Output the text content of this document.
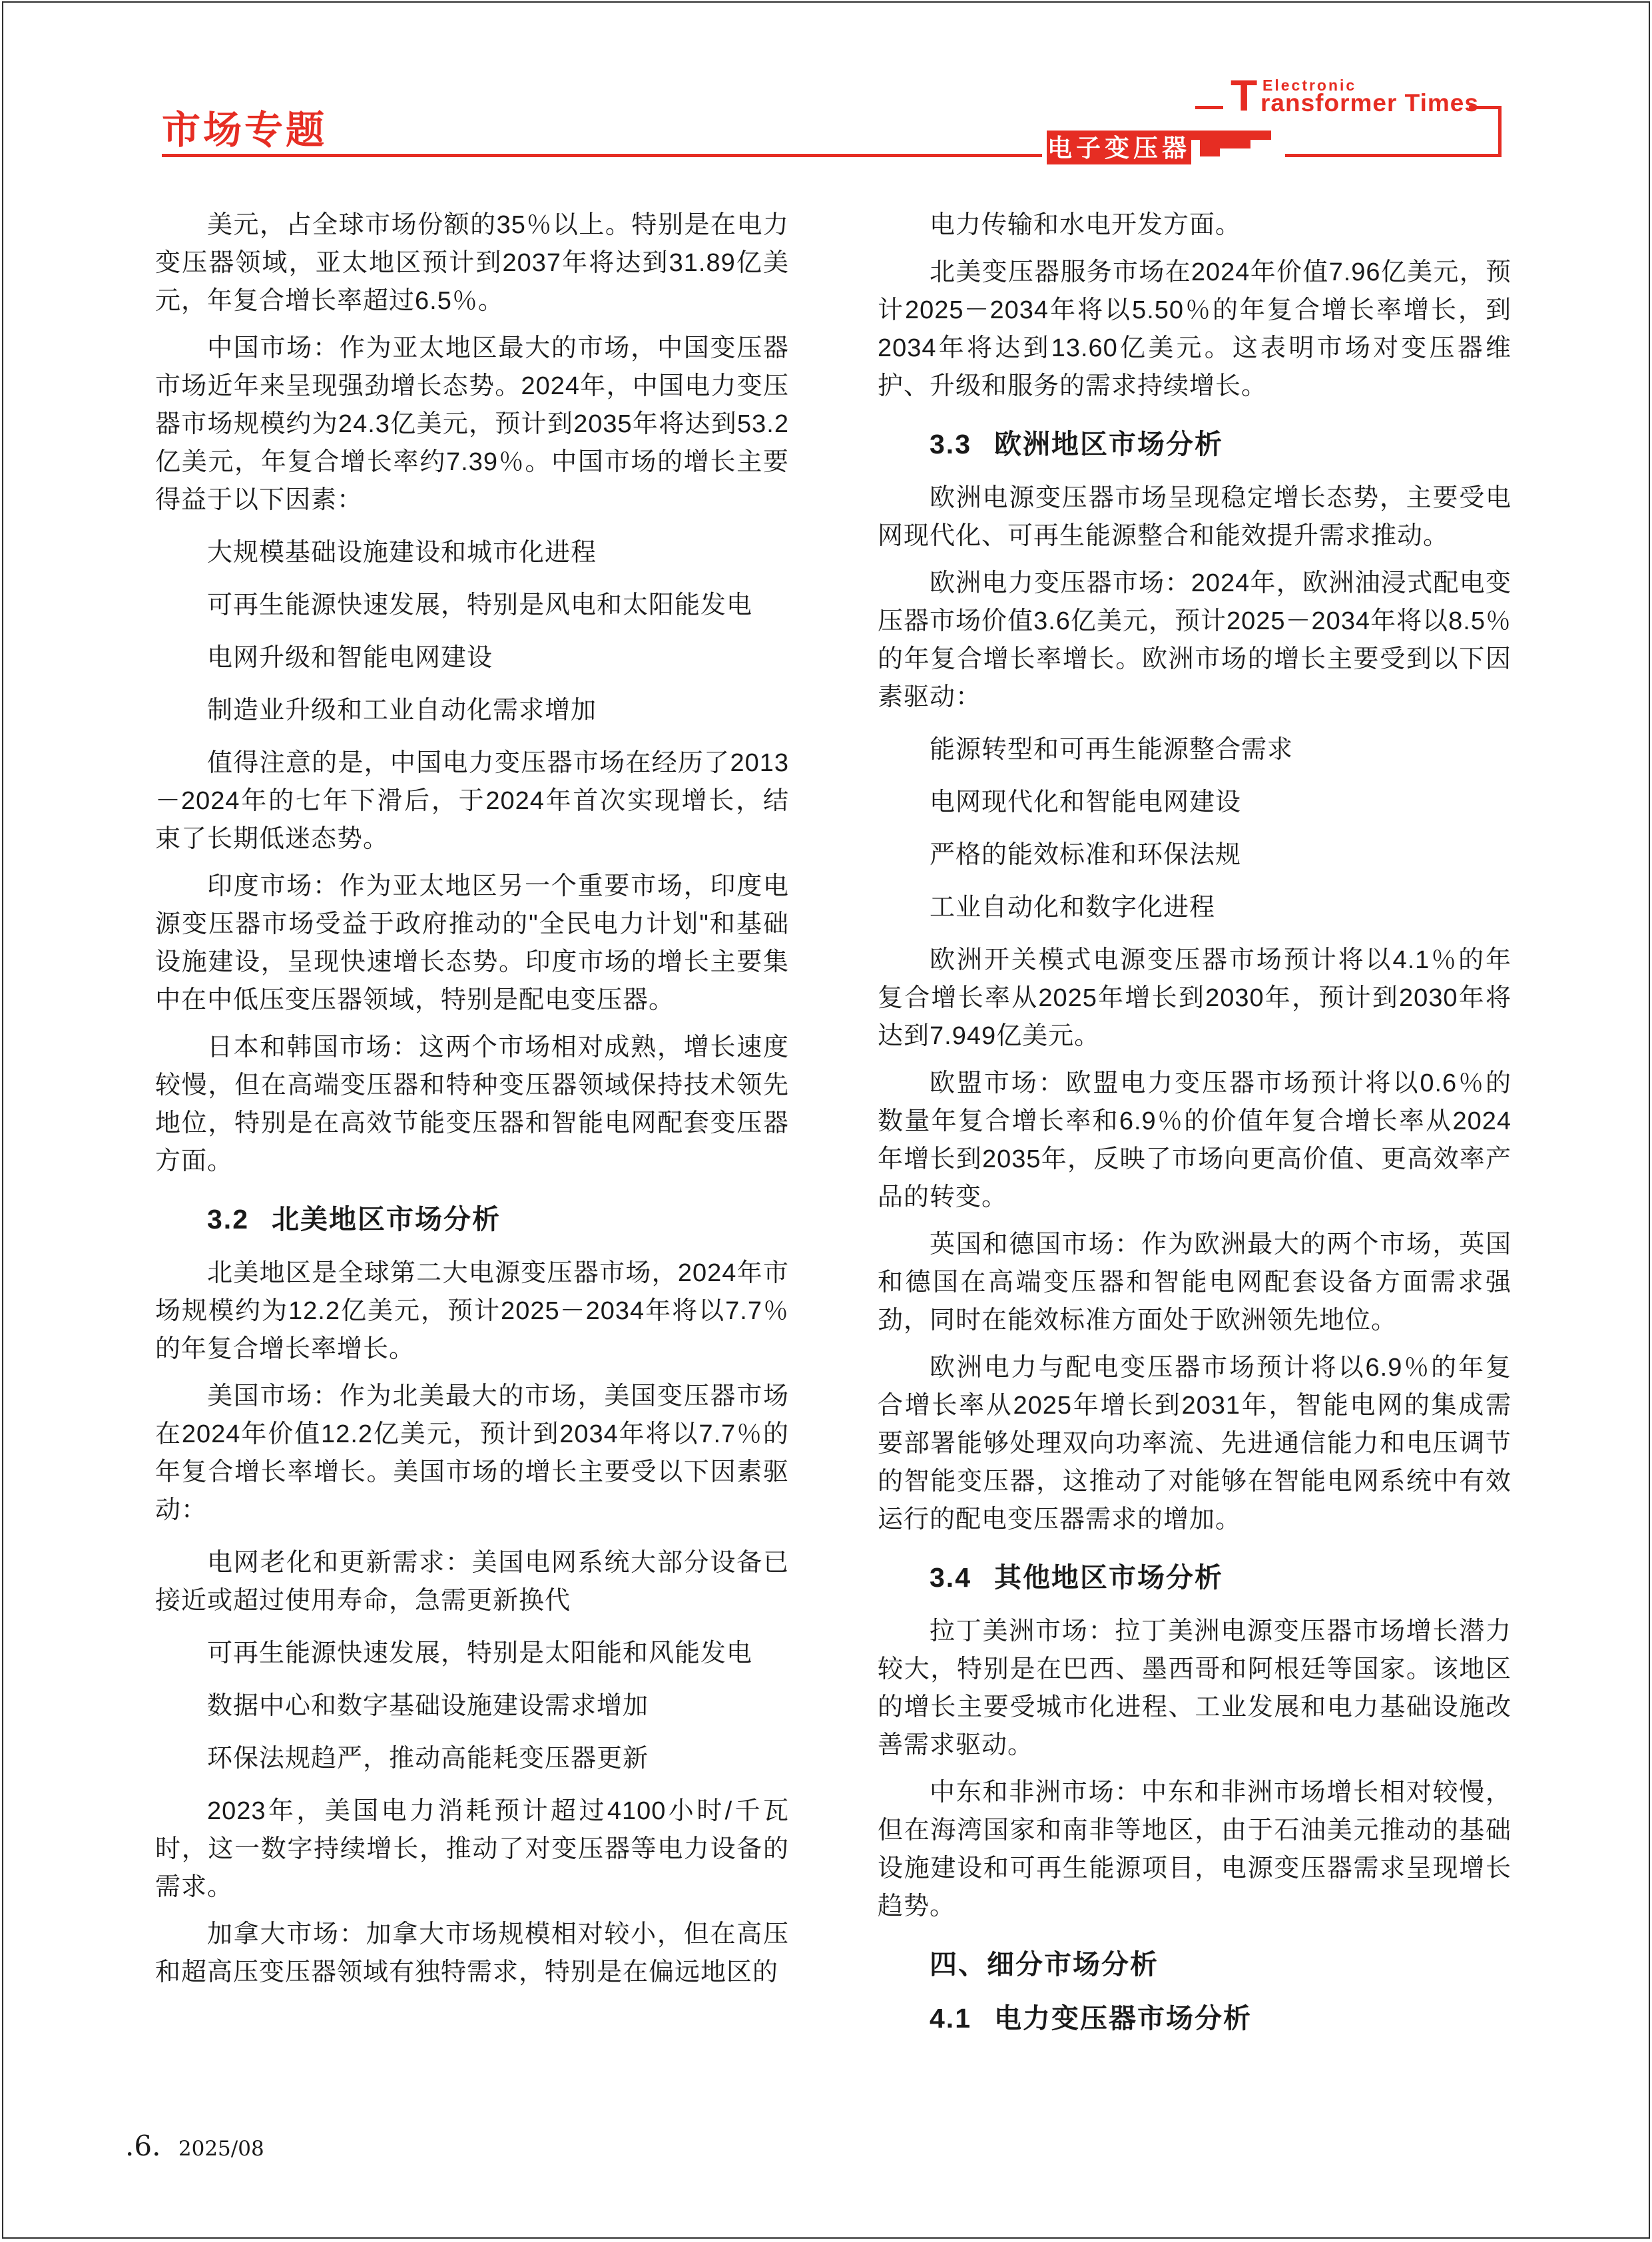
市场专题	电子变压器
T Electronic
ransformer Times
美元，占全球市场份额的35％以上。特别是在电力变压器领域，亚太地区预计到2037年将达到31.89亿美元，年复合增长率超过6.5％。
中国市场：作为亚太地区最大的市场，中国变压器市场近年来呈现强劲增长态势。2024年，中国电力变压器市场规模约为24.3亿美元，预计到2035年将达到53.2亿美元，年复合增长率约7.39％。中国市场的增长主要得益于以下因素：
大规模基础设施建设和城市化进程
可再生能源快速发展，特别是风电和太阳能发电
电网升级和智能电网建设
制造业升级和工业自动化需求增加
值得注意的是，中国电力变压器市场在经历了2013－2024年的七年下滑后，于2024年首次实现增长，结束了长期低迷态势。
印度市场：作为亚太地区另一个重要市场，印度电源变压器市场受益于政府推动的"全民电力计划"和基础设施建设，呈现快速增长态势。印度市场的增长主要集中在中低压变压器领域，特别是配电变压器。
日本和韩国市场：这两个市场相对成熟，增长速度较慢，但在高端变压器和特种变压器领域保持技术领先地位，特别是在高效节能变压器和智能电网配套变压器方面。
3.2 北美地区市场分析
北美地区是全球第二大电源变压器市场，2024年市场规模约为12.2亿美元，预计2025－2034年将以7.7％的年复合增长率增长。
美国市场：作为北美最大的市场，美国变压器市场在2024年价值12.2亿美元，预计到2034年将以7.7％的年复合增长率增长。美国市场的增长主要受以下因素驱动：
电网老化和更新需求：美国电网系统大部分设备已接近或超过使用寿命，急需更新换代
可再生能源快速发展，特别是太阳能和风能发电
数据中心和数字基础设施建设需求增加
环保法规趋严，推动高能耗变压器更新
2023年，美国电力消耗预计超过4100小时/千瓦时，这一数字持续增长，推动了对变压器等电力设备的需求。
加拿大市场：加拿大市场规模相对较小，但在高压和超高压变压器领域有独特需求，特别是在偏远地区的
电力传输和水电开发方面。
北美变压器服务市场在2024年价值7.96亿美元，预计2025－2034年将以5.50％的年复合增长率增长，到2034年将达到13.60亿美元。这表明市场对变压器维护、升级和服务的需求持续增长。
3.3 欧洲地区市场分析
欧洲电源变压器市场呈现稳定增长态势，主要受电网现代化、可再生能源整合和能效提升需求推动。
欧洲电力变压器市场：2024年，欧洲油浸式配电变压器市场价值3.6亿美元，预计2025－2034年将以8.5％的年复合增长率增长。欧洲市场的增长主要受到以下因素驱动：
能源转型和可再生能源整合需求
电网现代化和智能电网建设
严格的能效标准和环保法规
工业自动化和数字化进程
欧洲开关模式电源变压器市场预计将以4.1％的年复合增长率从2025年增长到2030年，预计到2030年将达到7.949亿美元。
欧盟市场：欧盟电力变压器市场预计将以0.6％的数量年复合增长率和6.9％的价值年复合增长率从2024年增长到2035年，反映了市场向更高价值、更高效率产品的转变。
英国和德国市场：作为欧洲最大的两个市场，英国和德国在高端变压器和智能电网配套设备方面需求强劲，同时在能效标准方面处于欧洲领先地位。
欧洲电力与配电变压器市场预计将以6.9％的年复合增长率从2025年增长到2031年，智能电网的集成需要部署能够处理双向功率流、先进通信能力和电压调节的智能变压器，这推动了对能够在智能电网系统中有效运行的配电变压器需求的增加。
3.4 其他地区市场分析
拉丁美洲市场：拉丁美洲电源变压器市场增长潜力较大，特别是在巴西、墨西哥和阿根廷等国家。该地区的增长主要受城市化进程、工业发展和电力基础设施改善需求驱动。
中东和非洲市场：中东和非洲市场增长相对较慢，但在海湾国家和南非等地区，由于石油美元推动的基础设施建设和可再生能源项目，电源变压器需求呈现增长趋势。
四、细分市场分析
4.1 电力变压器市场分析
.6. 2025/08
